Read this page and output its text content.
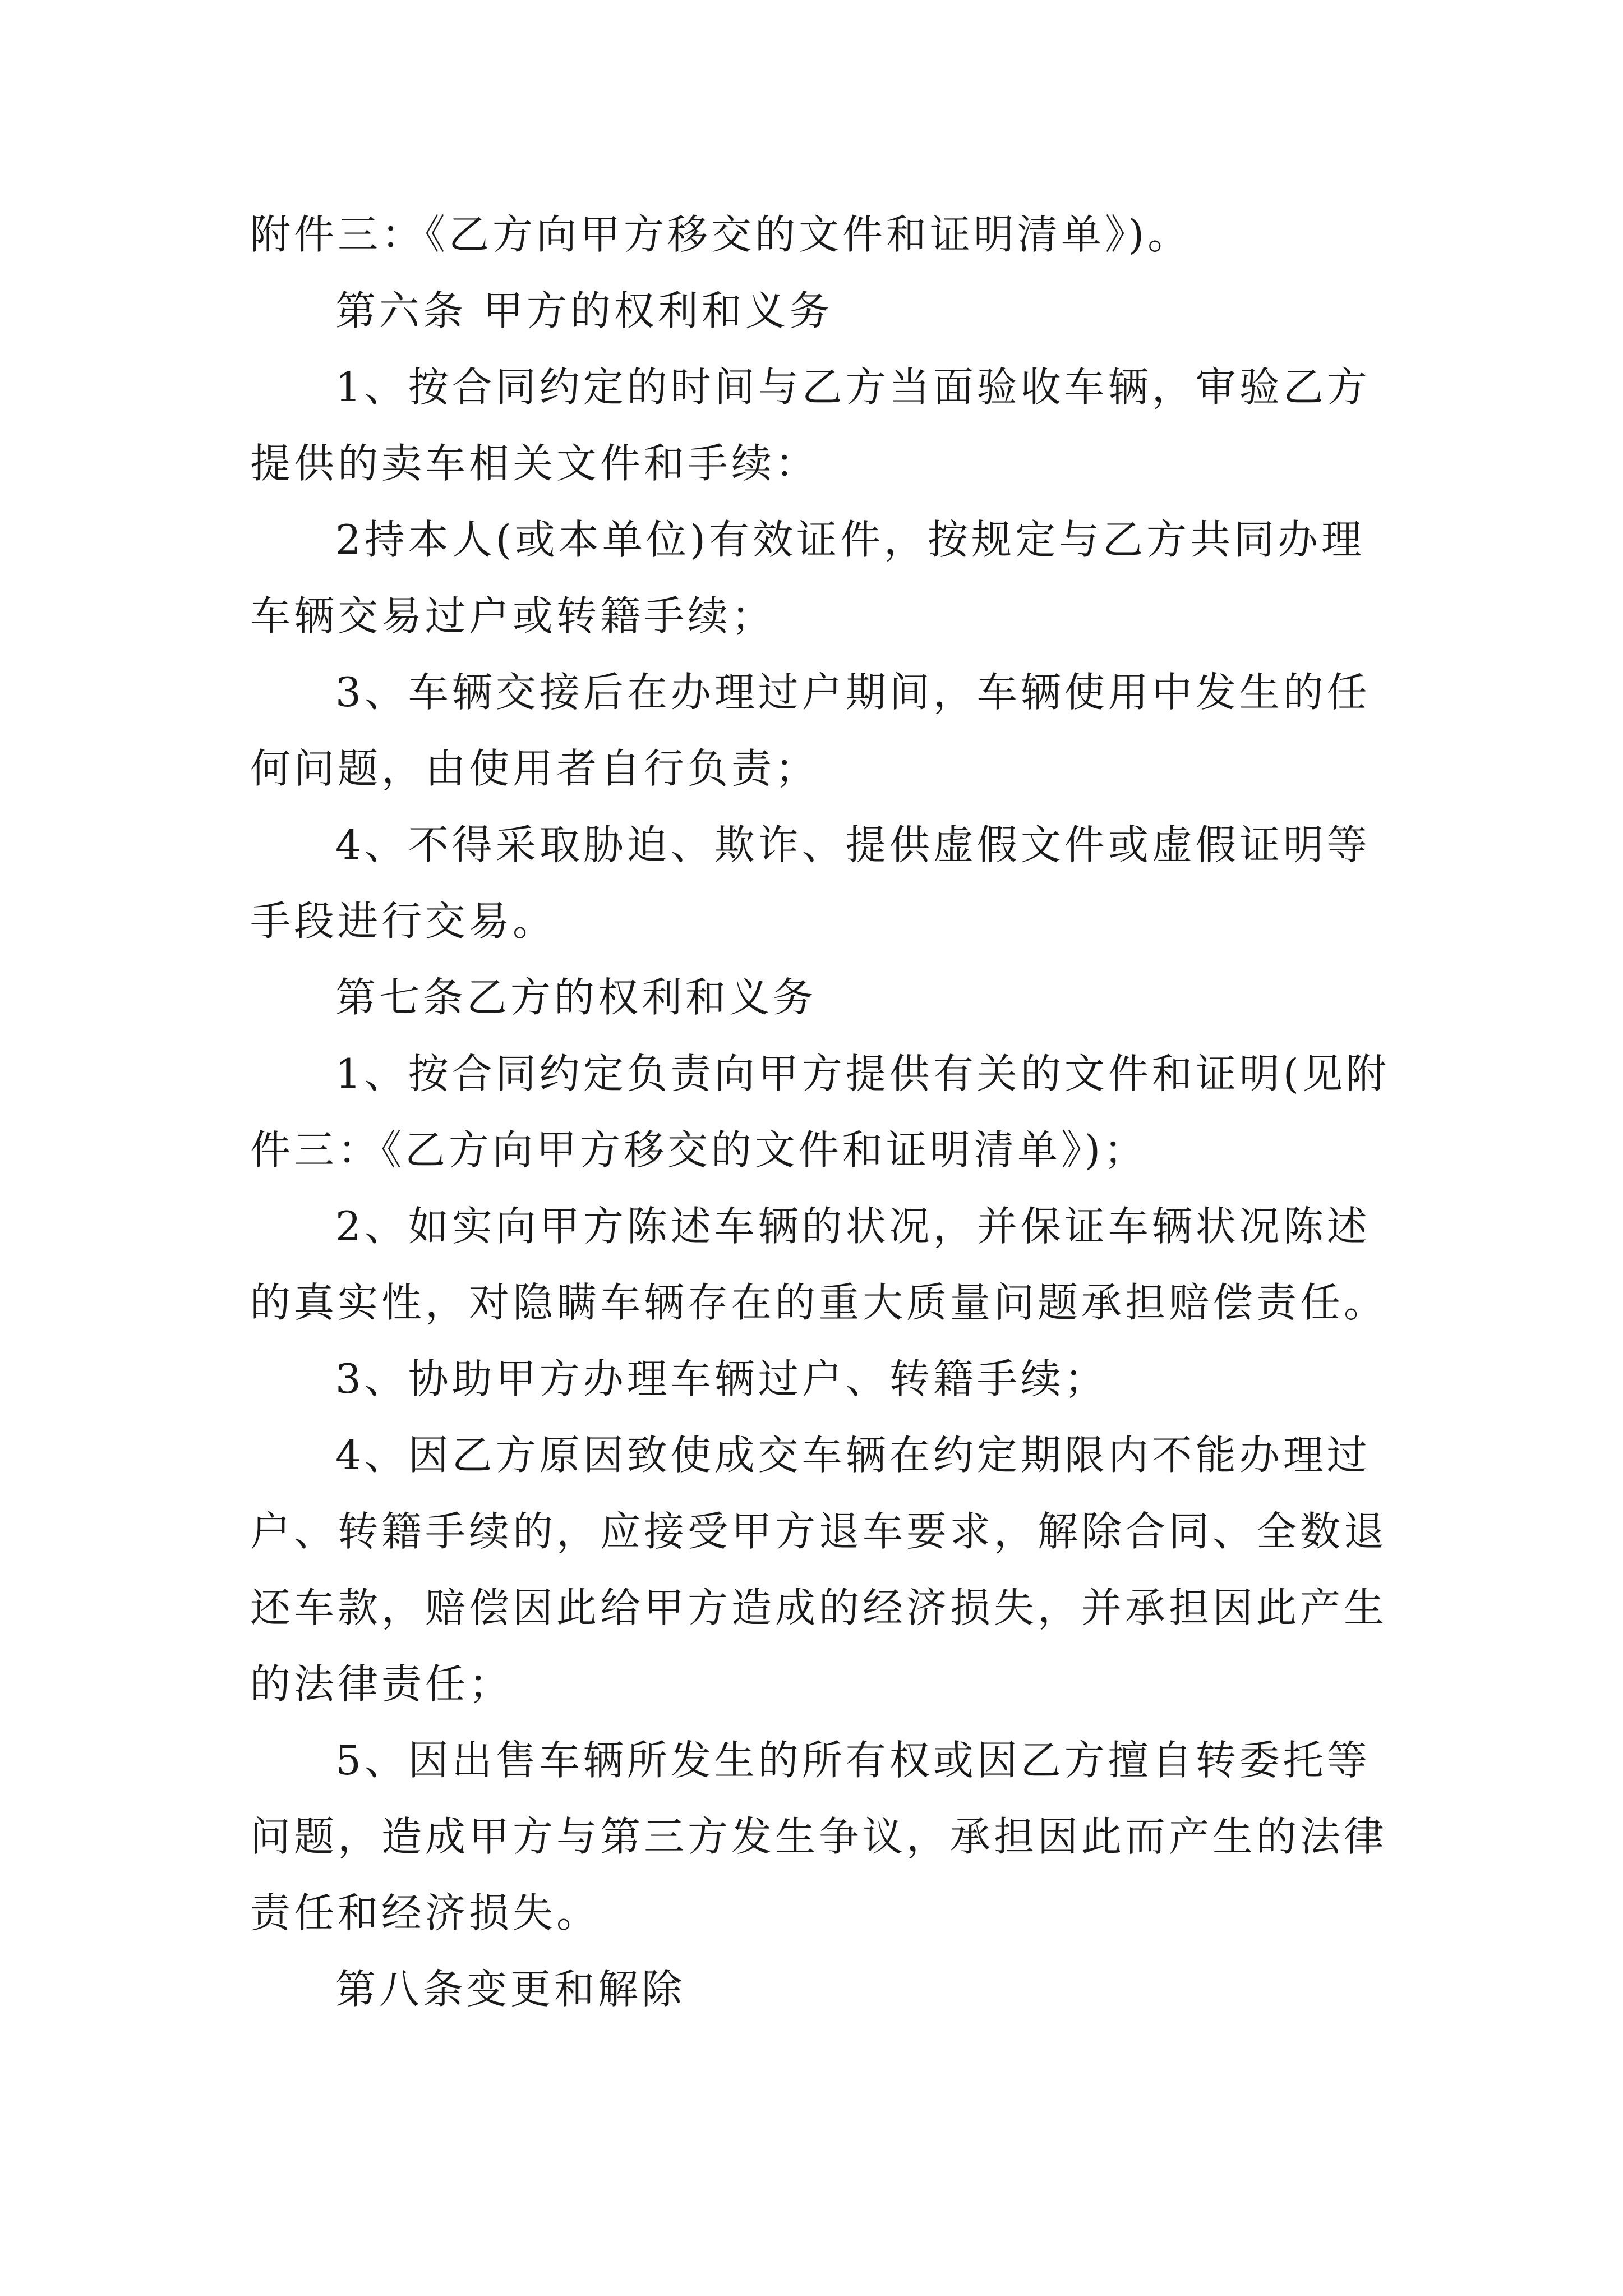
附件三：《乙方向甲方移交的文件和证明清单》)。
第六条 甲方的权利和义务
1、按合同约定的时间与乙方当面验收车辆，审验乙方
提供的卖车相关文件和手续：
2持本人(或本单位)有效证件，按规定与乙方共同办理
车辆交易过户或转籍手续；
3、车辆交接后在办理过户期间，车辆使用中发生的任
何问题，由使用者自行负责；
4、不得采取胁迫、欺诈、提供虚假文件或虚假证明等
手段进行交易。
第七条乙方的权利和义务
1、按合同约定负责向甲方提供有关的文件和证明(见附
件三：《乙方向甲方移交的文件和证明清单》)；
2、如实向甲方陈述车辆的状况，并保证车辆状况陈述
的真实性，对隐瞒车辆存在的重大质量问题承担赔偿责任。
3、协助甲方办理车辆过户、转籍手续；
4、因乙方原因致使成交车辆在约定期限内不能办理过
户、转籍手续的，应接受甲方退车要求，解除合同、全数退
还车款，赔偿因此给甲方造成的经济损失，并承担因此产生
的法律责任；
5、因出售车辆所发生的所有权或因乙方擅自转委托等
问题，造成甲方与第三方发生争议，承担因此而产生的法律
责任和经济损失。
第八条变更和解除
